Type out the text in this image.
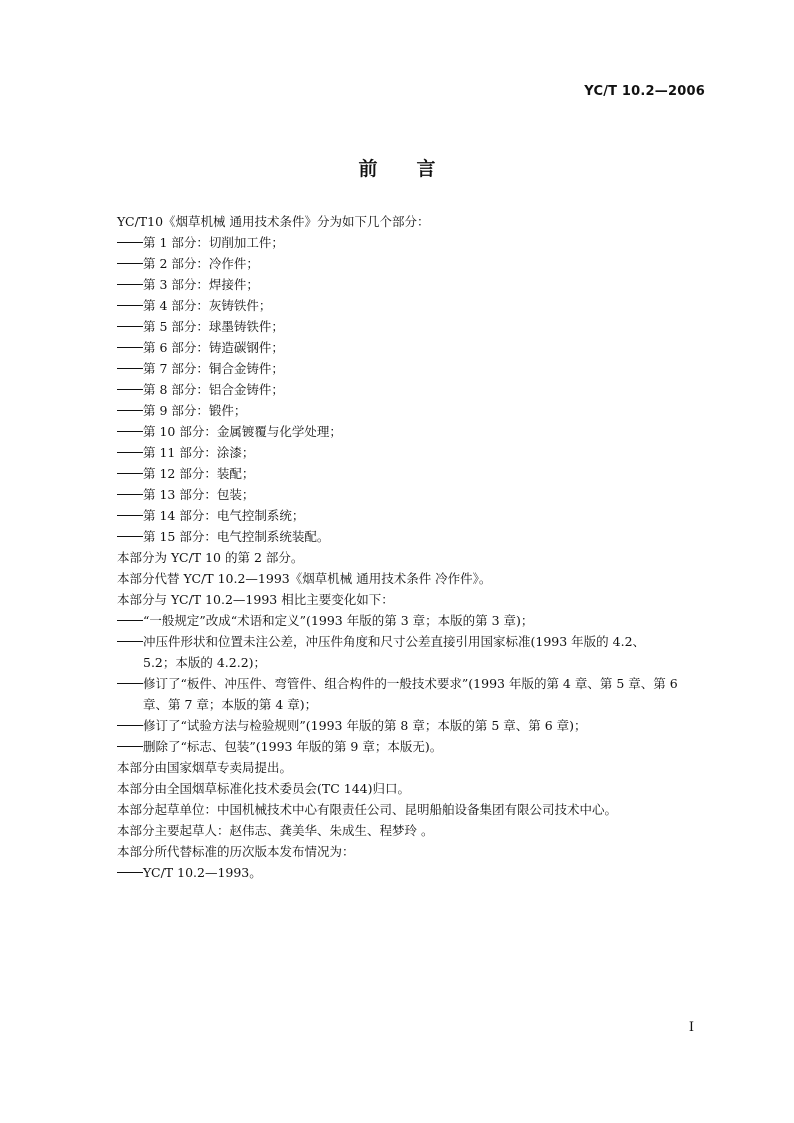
YC/T 10.2—2006
前言
YC/T10《烟草机械 通用技术条件》分为如下几个部分：
第 1 部分：切削加工件；
第 2 部分：冷作件；
第 3 部分：焊接件；
第 4 部分：灰铸铁件；
第 5 部分：球墨铸铁件；
第 6 部分：铸造碳钢件；
第 7 部分：铜合金铸件；
第 8 部分：铝合金铸件；
第 9 部分：锻件；
第 10 部分：金属镀覆与化学处理；
第 11 部分：涂漆；
第 12 部分：装配；
第 13 部分：包装；
第 14 部分：电气控制系统；
第 15 部分：电气控制系统装配。
本部分为 YC/T 10 的第 2 部分。
本部分代替 YC/T 10.2—1993《烟草机械 通用技术条件 冷作件》。
本部分与 YC/T 10.2—1993 相比主要变化如下：
“一般规定”改成“术语和定义”(1993 年版的第 3 章；本版的第 3 章)；
冲压件形状和位置未注公差，冲压件角度和尺寸公差直接引用国家标准(1993 年版的 4.2、
5.2；本版的 4.2.2)；
修订了“板件、冲压件、弯管件、组合构件的一般技术要求”(1993 年版的第 4 章、第 5 章、第 6
章、第 7 章；本版的第 4 章)；
修订了“试验方法与检验规则”(1993 年版的第 8 章；本版的第 5 章、第 6 章)；
删除了“标志、包装”(1993 年版的第 9 章；本版无)。
本部分由国家烟草专卖局提出。
本部分由全国烟草标准化技术委员会(TC 144)归口。
本部分起草单位：中国机械技术中心有限责任公司、昆明船舶设备集团有限公司技术中心。
本部分主要起草人：赵伟志、龚美华、朱成生、程梦玲 。
本部分所代替标准的历次版本发布情况为：
YC/T 10.2—1993。
I
